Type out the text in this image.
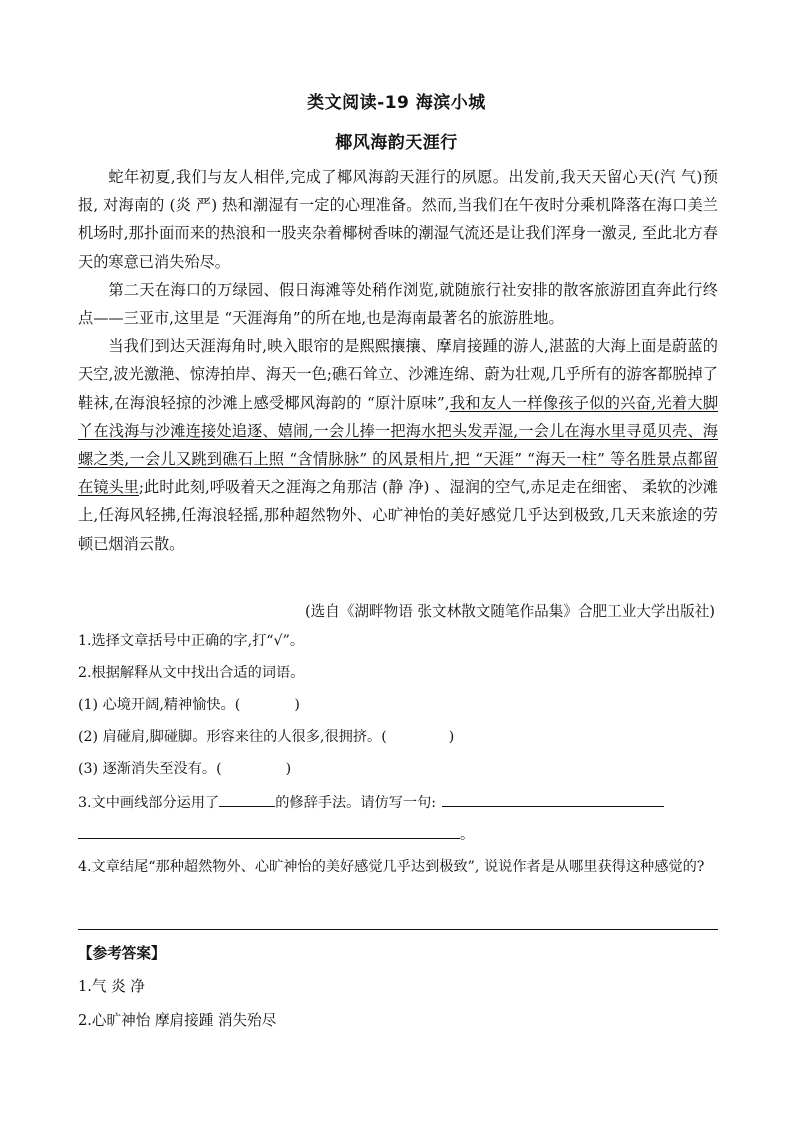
类文阅读-19 海滨小城
椰风海韵天涯行

蛇年初夏,我们与友人相伴,完成了椰风海韵天涯行的夙愿。出发前,我天天留心天(汽 气)预报, 对海南的 (炎 严) 热和潮湿有一定的心理准备。然而,当我们在午夜时分乘机降落在海口美兰机场时,那扑面而来的热浪和一股夹杂着椰树香味的潮湿气流还是让我们浑身一激灵, 至此北方春天的寒意已消失殆尽。

第二天在海口的万绿园、假日海滩等处稍作浏览,就随旅行社安排的散客旅游团直奔此行终点——三亚市,这里是 “天涯海角”的所在地,也是海南最著名的旅游胜地。

当我们到达天涯海角时,映入眼帘的是熙熙攘攘、摩肩接踵的游人,湛蓝的大海上面是蔚蓝的天空,波光激滟、惊涛拍岸、海天一色;礁石耸立、沙滩连绵、蔚为壮观,几乎所有的游客都脱掉了鞋袜,在海浪轻掠的沙滩上感受椰风海韵的 “原汁原味”,我和友人一样像孩子似的兴奋,光着大脚丫在浅海与沙滩连接处追逐、嬉闹,一会儿捧一把海水把头发弄湿,一会儿在海水里寻觅贝壳、海螺之类,一会儿又跳到礁石上照 “含情脉脉” 的风景相片,把 “天涯” “海天一柱” 等名胜景点都留在镜头里;此时此刻,呼吸着天之涯海之角那洁 (静 净) 、湿润的空气,赤足走在细密、 柔软的沙滩上,任海风轻拂,任海浪轻摇,那种超然物外、心旷神怡的美好感觉几乎达到极致,几天来旅途的劳顿已烟消云散。

(选自《湖畔物语 张文林散文随笔作品集》合肥工业大学出版社)
1.选择文章括号中正确的字,打“√”。
2.根据解释从文中找出合适的词语。
(1) 心境开阔,精神愉快。(	)
(2) 肩碰肩,脚碰脚。形容来往的人很多,很拥挤。(	)
(3) 逐渐消失至没有。(	)
3.文中画线部分运用了	的修辞手法。请仿写一句:
。
4.文章结尾“那种超然物外、心旷神怡的美好感觉几乎达到极致”, 说说作者是从哪里获得这种感觉的?
【参考答案】
1.气 炎 净
2.心旷神怡 摩肩接踵 消失殆尽
